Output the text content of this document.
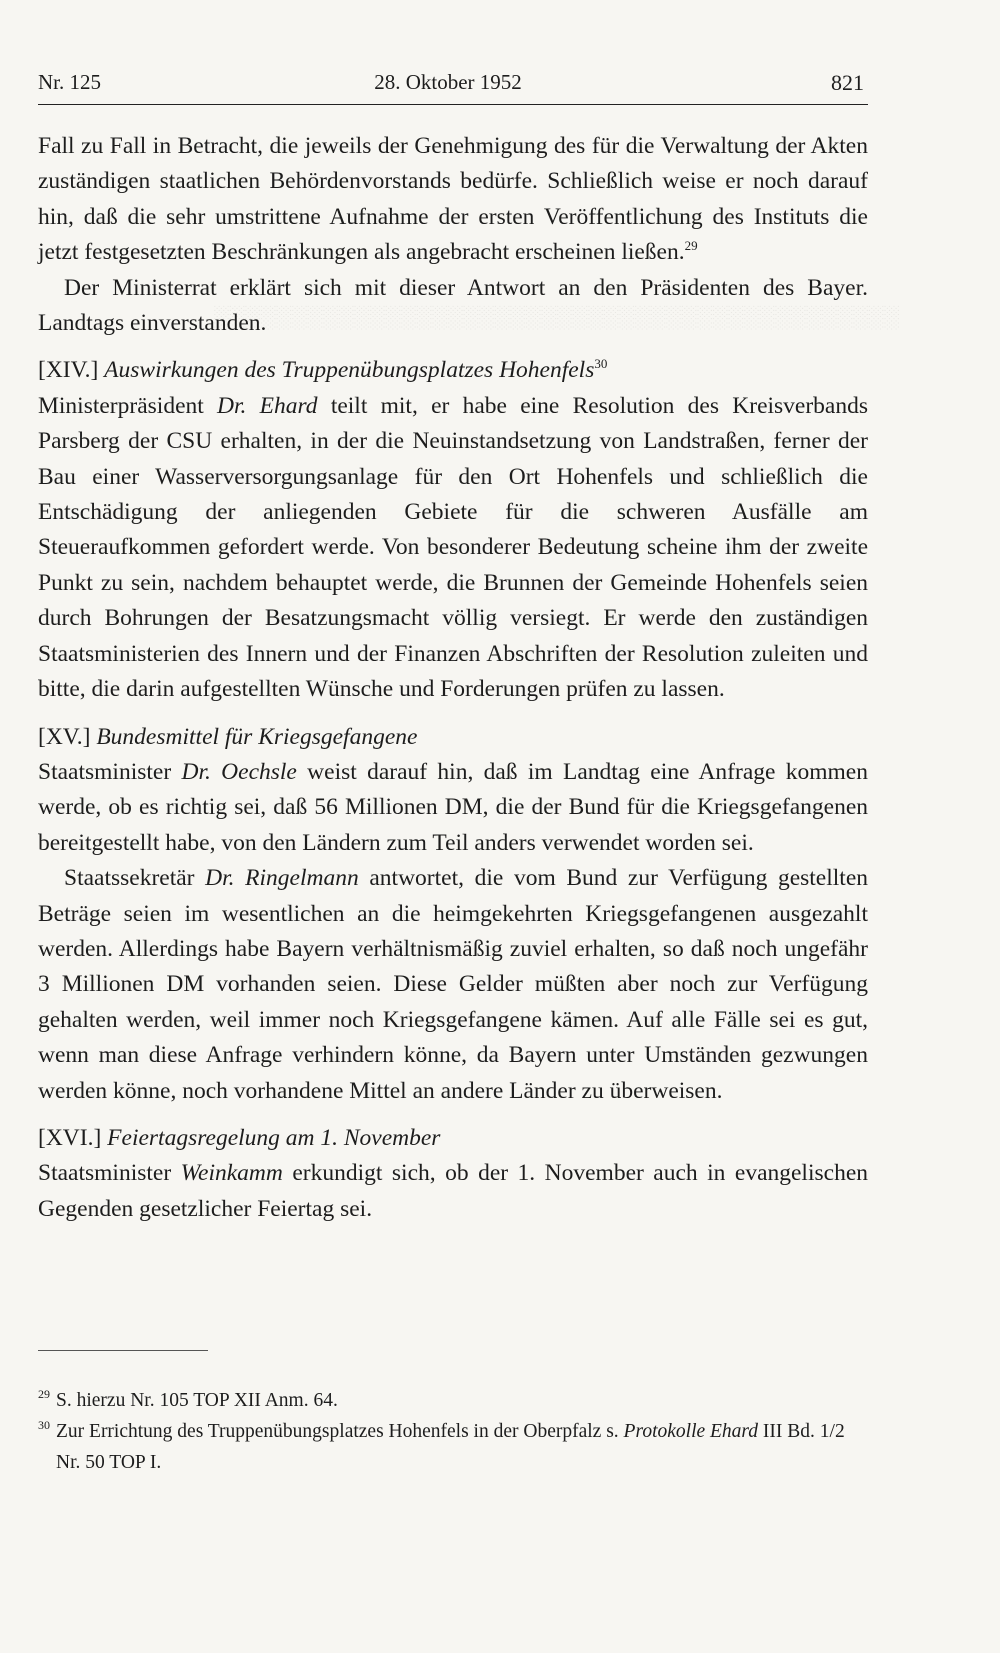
░░░░░░░░░░░░░░░░░░░░░░░░░░░░░░░░░░░░░░░░░░░░
Nr. 125	28. Oktober 1952	821

Fall zu Fall in Betracht, die jeweils der Genehmigung des für die Verwaltung der Akten zuständigen staatlichen Behördenvorstands bedürfe. Schließlich weise er noch darauf hin, daß die sehr umstrittene Aufnahme der ersten Veröffentlichung des Instituts die jetzt festgesetzten Beschränkungen als angebracht erscheinen ließen.$^{29}$

Der Ministerrat erklärt sich mit dieser Antwort an den Präsidenten des Bayer. Landtags einverstanden.

[XIV.] Auswirkungen des Truppenübungsplatzes Hohenfels$^{30}$

Ministerpräsident Dr. Ehard teilt mit, er habe eine Resolution des Kreisverbands Parsberg der CSU erhalten, in der die Neuinstandsetzung von Landstraßen, ferner der Bau einer Wasserversorgungsanlage für den Ort Hohenfels und schließlich die Entschädigung der anliegenden Gebiete für die schweren Ausfälle am Steueraufkommen gefordert werde. Von besonderer Bedeutung scheine ihm der zweite Punkt zu sein, nachdem behauptet werde, die Brunnen der Gemeinde Hohenfels seien durch Bohrungen der Besatzungsmacht völlig versiegt. Er werde den zuständigen Staatsministerien des Innern und der Finanzen Abschriften der Resolution zuleiten und bitte, die darin aufgestellten Wünsche und Forderungen prüfen zu lassen.

[XV.] Bundesmittel für Kriegsgefangene

Staatsminister Dr. Oechsle weist darauf hin, daß im Landtag eine Anfrage kommen werde, ob es richtig sei, daß 56 Millionen DM, die der Bund für die Kriegsgefangenen bereitgestellt habe, von den Ländern zum Teil anders verwendet worden sei.

Staatssekretär Dr. Ringelmann antwortet, die vom Bund zur Verfügung gestellten Beträge seien im wesentlichen an die heimgekehrten Kriegsgefangenen ausgezahlt werden. Allerdings habe Bayern verhältnismäßig zuviel erhalten, so daß noch ungefähr 3 Millionen DM vorhanden seien. Diese Gelder müßten aber noch zur Verfügung gehalten werden, weil immer noch Kriegsgefangene kämen. Auf alle Fälle sei es gut, wenn man diese Anfrage verhindern könne, da Bayern unter Umständen gezwungen werden könne, noch vorhandene Mittel an andere Länder zu überweisen.

[XVI.] Feiertagsregelung am 1. November

Staatsminister Weinkamm erkundigt sich, ob der 1. November auch in evangelischen Gegenden gesetzlicher Feiertag sei.

29 S. hierzu Nr. 105 TOP XII Anm. 64.
30 Zur Errichtung des Truppenübungsplatzes Hohenfels in der Oberpfalz s. Protokolle Ehard III Bd. 1/2 Nr. 50 TOP I.
